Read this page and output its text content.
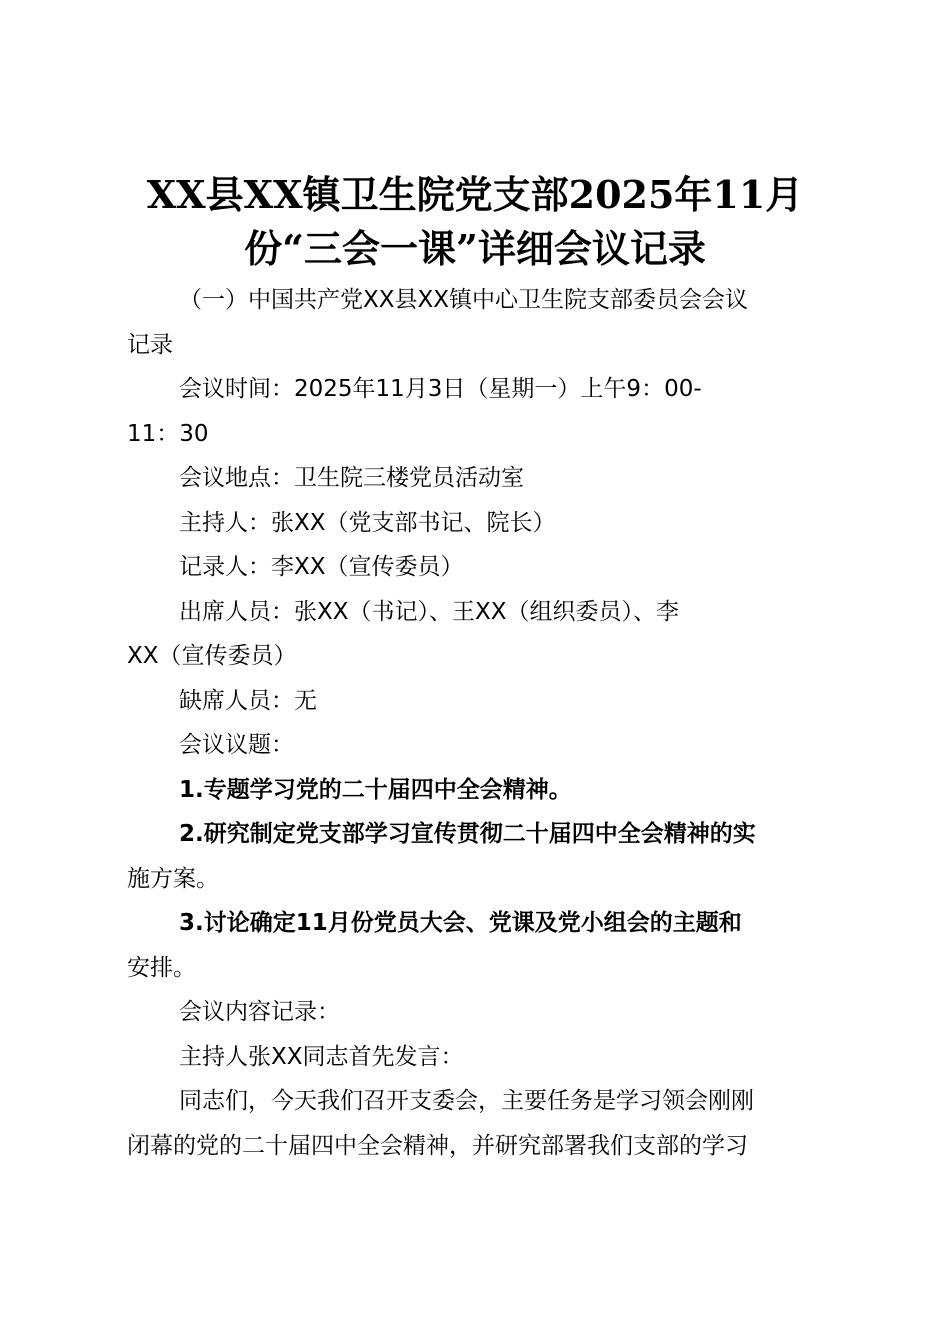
XX县XX镇卫生院党支部2025年11月
份“三会一课”详细会议记录
（一）中国共产党XX县XX镇中心卫生院支部委员会会议
记录
会议时间：2025年11月3日（星期一）上午9：00-
11：30
会议地点：卫生院三楼党员活动室
主持人：张XX（党支部书记、院长）
记录人：李XX（宣传委员）
出席人员：张XX（书记）、王XX（组织委员）、李
XX（宣传委员）
缺席人员：无
会议议题：
1.专题学习党的二十届四中全会精神。
2.研究制定党支部学习宣传贯彻二十届四中全会精神的实
施方案。
3.讨论确定11月份党员大会、党课及党小组会的主题和
安排。
会议内容记录：
主持人张XX同志首先发言：
同志们，今天我们召开支委会，主要任务是学习领会刚刚
闭幕的党的二十届四中全会精神，并研究部署我们支部的学习
